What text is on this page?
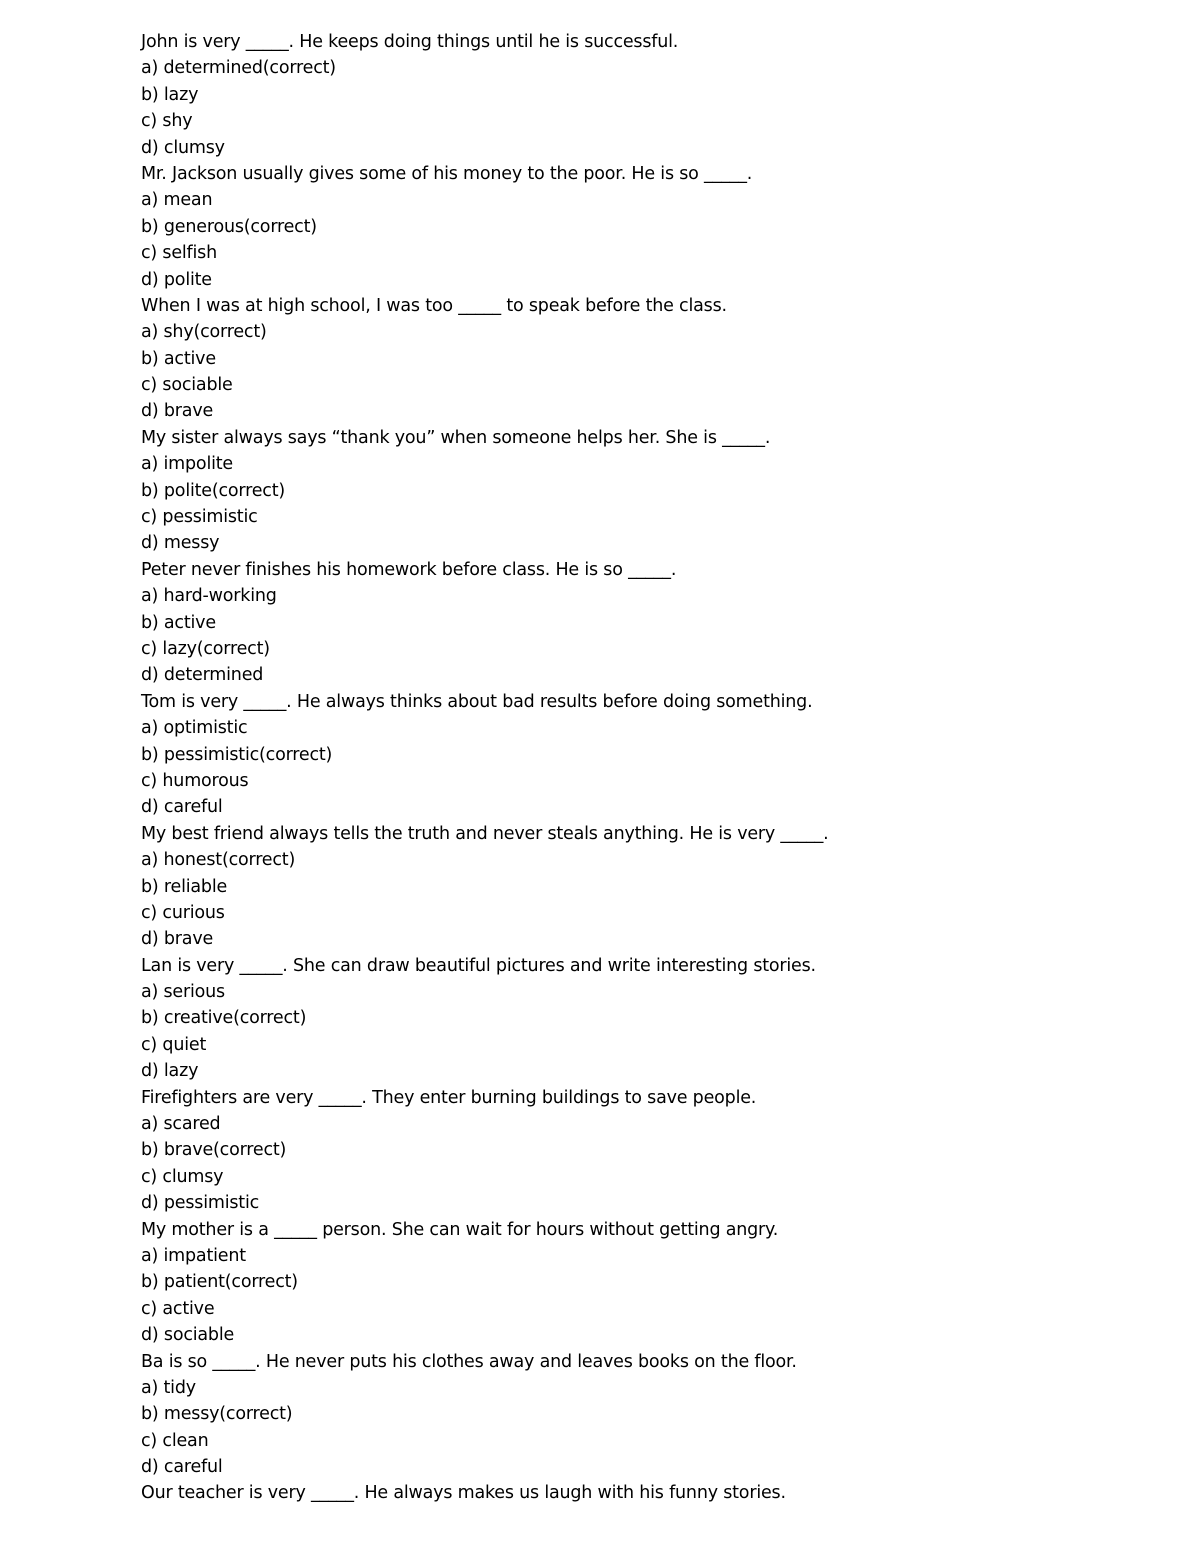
John is very _____. He keeps doing things until he is successful.
a) determined(correct)
b) lazy
c) shy
d) clumsy
Mr. Jackson usually gives some of his money to the poor. He is so _____.
a) mean
b) generous(correct)
c) selfish
d) polite
When I was at high school, I was too _____ to speak before the class.
a) shy(correct)
b) active
c) sociable
d) brave
My sister always says “thank you” when someone helps her. She is _____.
a) impolite
b) polite(correct)
c) pessimistic
d) messy
Peter never finishes his homework before class. He is so _____.
a) hard-working
b) active
c) lazy(correct)
d) determined
Tom is very _____. He always thinks about bad results before doing something.
a) optimistic
b) pessimistic(correct)
c) humorous
d) careful
My best friend always tells the truth and never steals anything. He is very _____.
a) honest(correct)
b) reliable
c) curious
d) brave
Lan is very _____. She can draw beautiful pictures and write interesting stories.
a) serious
b) creative(correct)
c) quiet
d) lazy
Firefighters are very _____. They enter burning buildings to save people.
a) scared
b) brave(correct)
c) clumsy
d) pessimistic
My mother is a _____ person. She can wait for hours without getting angry.
a) impatient
b) patient(correct)
c) active
d) sociable
Ba is so _____. He never puts his clothes away and leaves books on the floor.
a) tidy
b) messy(correct)
c) clean
d) careful
Our teacher is very _____. He always makes us laugh with his funny stories.
